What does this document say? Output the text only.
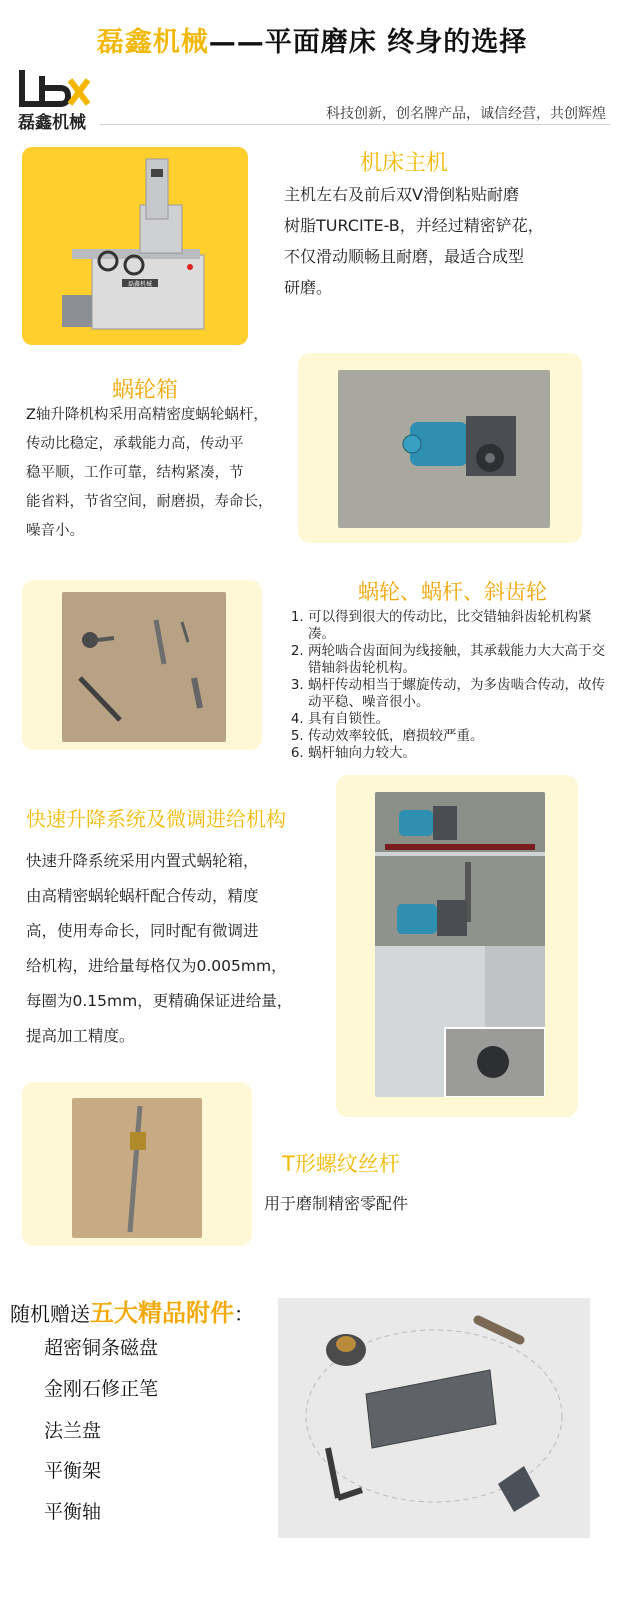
磊鑫机械——平面磨床 终身的选择
磊鑫机械	科技创新，创名牌产品，诚信经营，共创辉煌
磊鑫机械
机床主机
主机左右及前后双V滑倒粘贴耐磨
树脂TURCITE-B，并经过精密铲花，
不仅滑动顺畅且耐磨，最适合成型
研磨。
蜗轮箱
Z轴升降机构采用高精密度蜗轮蜗杆，
传动比稳定，承载能力高，传动平
稳平顺，工作可靠，结构紧凑，节
能省料，节省空间，耐磨损，寿命长，
噪音小。
蜗轮、蜗杆、斜齿轮
1. 可以得到很大的传动比，比交错轴斜齿轮机构紧凑。
2. 两轮啮合齿面间为线接触，其承载能力大大高于交错轴斜齿轮机构。
3. 蜗杆传动相当于螺旋传动，为多齿啮合传动，故传动平稳、噪音很小。
4. 具有自锁性。
5. 传动效率较低，磨损较严重。
6. 蜗杆轴向力较大。
快速升降系统及微调进给机构
快速升降系统采用内置式蜗轮箱，
由高精密蜗轮蜗杆配合传动，精度
高，使用寿命长，同时配有微调进
给机构，进给量每格仅为0.005mm，
每圈为0.15mm，更精确保证进给量，
提高加工精度。
T形螺纹丝杆
用于磨制精密零配件
随机赠送五大精品附件：
超密铜条磁盘
金刚石修正笔
法兰盘
平衡架
平衡轴
